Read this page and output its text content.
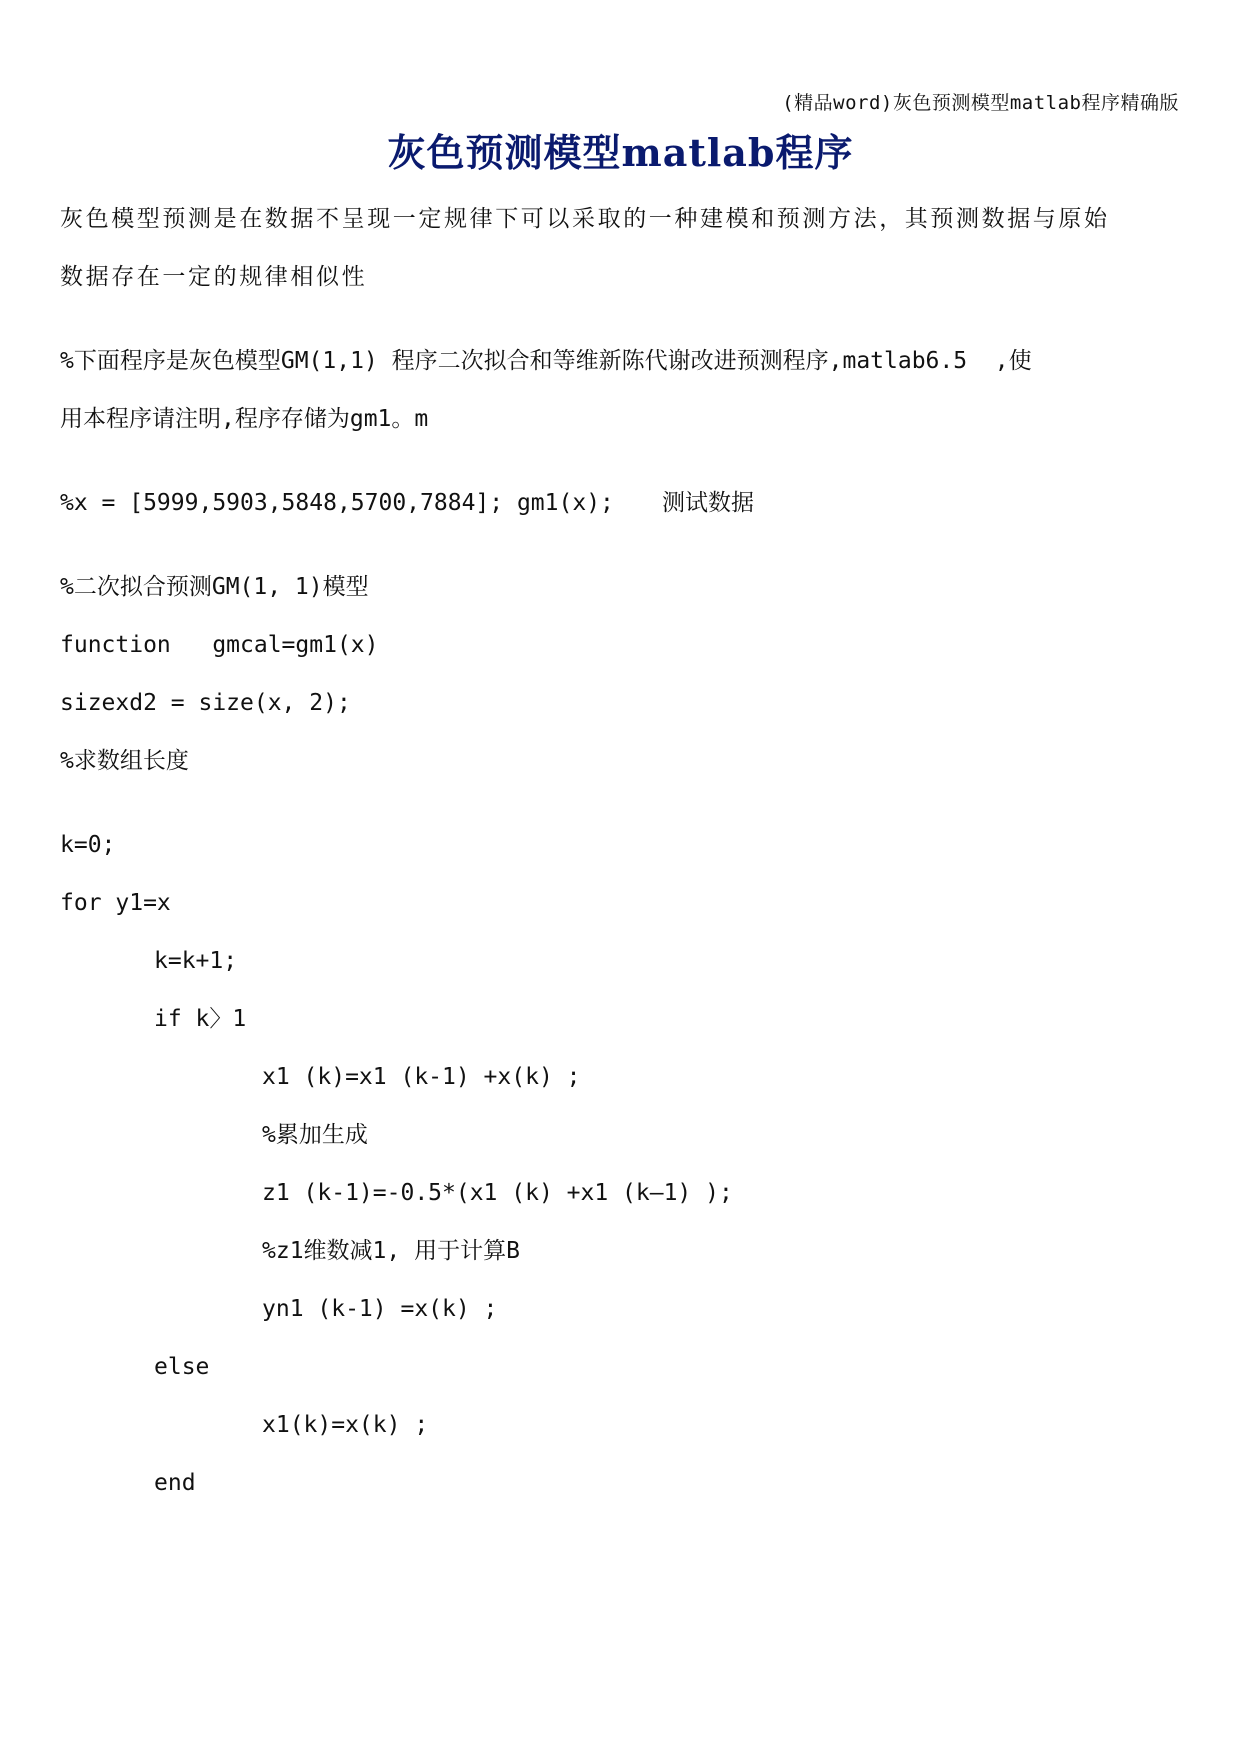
(精品word)灰色预测模型matlab程序精确版
灰色预测模型matlab程序
灰色模型预测是在数据不呈现一定规律下可以采取的一种建模和预测方法，其预测数据与原始
数据存在一定的规律相似性
%下面程序是灰色模型GM(1,1) 程序二次拟合和等维新陈代谢改进预测程序,matlab6.5  ,使
用本程序请注明,程序存储为gm1。m
%x = [5999,5903,5848,5700,7884]; gm1(x); 测试数据
%二次拟合预测GM(1, 1)模型
function   gmcal=gm1(x)
sizexd2 = size(x, 2);
%求数组长度
k=0;
for y1=x
k=k+1;
if k〉1
x1 (k)=x1 (k-1) +x(k) ;
%累加生成
z1 (k-1)=-0.5*(x1 (k) +x1 (k—1) );
%z1维数减1, 用于计算B
yn1 (k-1) =x(k) ;
else
x1(k)=x(k) ;
end
